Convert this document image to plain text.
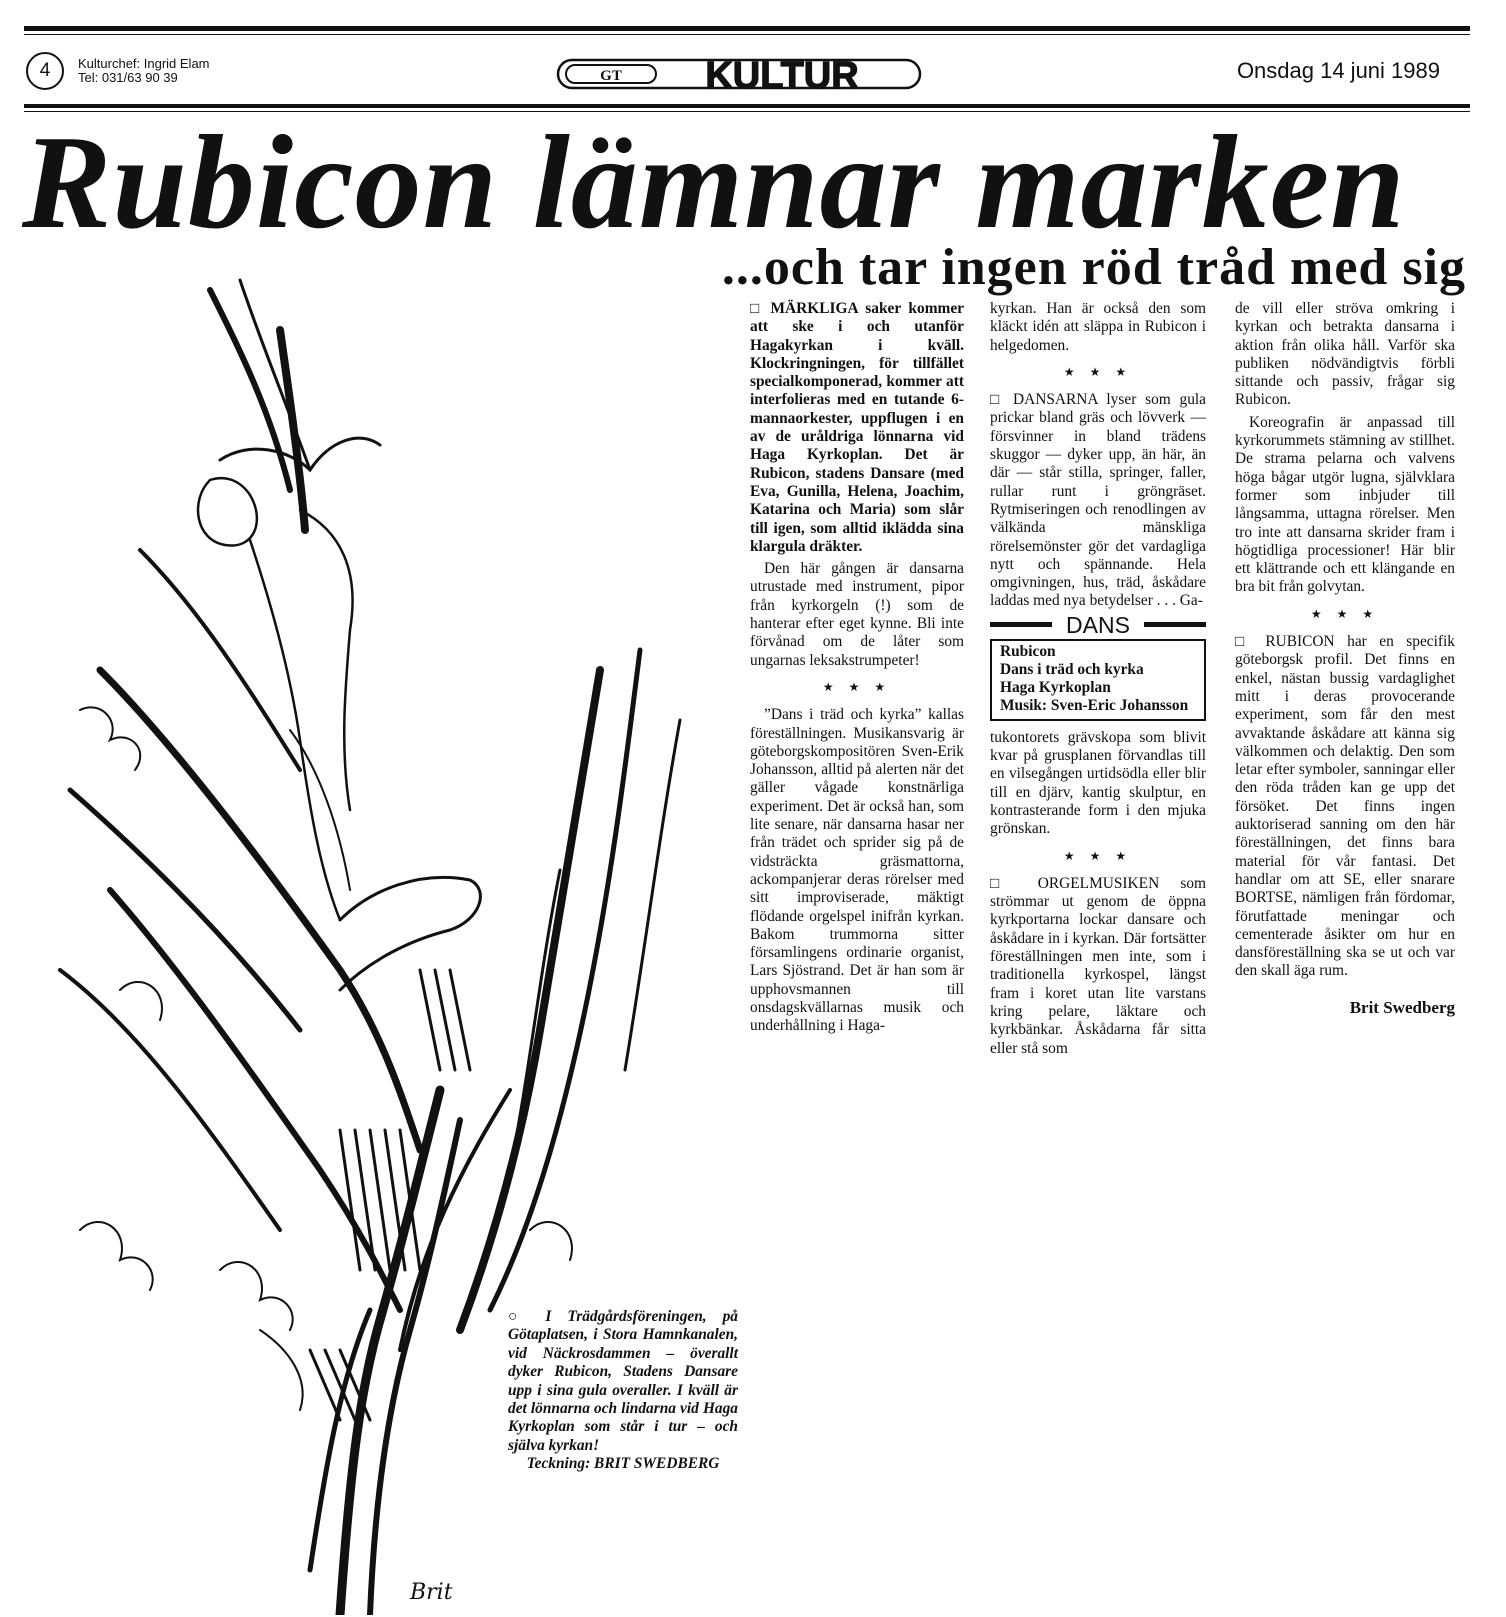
4	Kulturchef: Ingrid Elam
Tel: 031/63 90 39	GT KULTUR	Onsdag 14 juni 1989
Rubicon lämnar marken
...och tar ingen röd tråd med sig
Brit

□ MÄRKLIGA saker kommer att ske i och utanför Hagakyrkan i kväll. Klockringningen, för tillfället specialkomponerad, kommer att interfolieras med en tutande 6-mannaorkester, uppflugen i en av de uråldriga lönnarna vid Haga Kyrkoplan. Det är Rubicon, stadens Dansare (med Eva, Gunilla, Helena, Joachim, Katarina och Maria) som slår till igen, som alltid iklädda sina klargula dräkter.

Den här gången är dansarna utrustade med instrument, pipor från kyrkorgeln (!) som de hanterar efter eget kynne. Bli inte förvånad om de låter som ungarnas leksakstrumpeter!

★ ★ ★

”Dans i träd och kyrka” kallas föreställningen. Musikansvarig är göteborgskompositören Sven-Erik Johansson, alltid på alerten när det gäller vågade konstnärliga experiment. Det är också han, som lite senare, när dansarna hasar ner från trädet och sprider sig på de vidsträckta gräsmattorna, ackompanjerar deras rörelser med sitt improviserade, mäktigt flödande orgelspel inifrån kyrkan. Bakom trummorna sitter församlingens ordinarie organist, Lars Sjöstrand. Det är han som är upphovsmannen till onsdagskvällarnas musik och underhållning i Haga-

kyrkan. Han är också den som kläckt idén att släppa in Rubicon i helgedomen.

★ ★ ★

□ DANSARNA lyser som gula prickar bland gräs och lövverk — försvinner in bland trädens skuggor — dyker upp, än här, än där — står stilla, springer, faller, rullar runt i gröngräset. Rytmiseringen och renodlingen av välkända mänskliga rörelsemönster gör det vardagliga nytt och spännande. Hela omgivningen, hus, träd, åskådare laddas med nya betydelser . . . Ga-

DANS
Rubicon
Dans i träd och kyrka
Haga Kyrkoplan
Musik: Sven-Eric Johansson

tukontorets grävskopa som blivit kvar på grusplanen förvandlas till en vilsegången urtidsödla eller blir till en djärv, kantig skulptur, en kontrasterande form i den mjuka grönskan.

★ ★ ★

□ ORGELMUSIKEN som strömmar ut genom de öppna kyrkportarna lockar dansare och åskådare in i kyrkan. Där fortsätter föreställningen men inte, som i traditionella kyrkospel, längst fram i koret utan lite varstans kring pelare, läktare och kyrkbänkar. Åskådarna får sitta eller stå som

de vill eller ströva omkring i kyrkan och betrakta dansarna i aktion från olika håll. Varför ska publiken nödvändigtvis förbli sittande och passiv, frågar sig Rubicon.

Koreografin är anpassad till kyrkorummets stämning av stillhet. De strama pelarna och valvens höga bågar utgör lugna, självklara former som inbjuder till långsamma, uttagna rörelser. Men tro inte att dansarna skrider fram i högtidliga processioner! Här blir ett klättrande och ett klängande en bra bit från golvytan.

★ ★ ★

□ RUBICON har en specifik göteborgsk profil. Det finns en enkel, nästan bussig vardaglighet mitt i deras provocerande experiment, som får den mest avvaktande åskådare att känna sig välkommen och delaktig. Den som letar efter symboler, sanningar eller den röda tråden kan ge upp det försöket. Det finns ingen auktoriserad sanning om den här föreställningen, det finns bara material för vår fantasi. Det handlar om att SE, eller snarare BORTSE, nämligen från fördomar, förutfattade meningar och cementerade åsikter om hur en dansföreställning ska se ut och var den skall äga rum.

Brit Swedberg
○ I Trädgårdsföreningen, på Götaplatsen, i Stora Hamnkanalen, vid Näckrosdammen – överallt dyker Rubicon, Stadens Dansare upp i sina gula overaller. I kväll är det lönnarna och lindarna vid Haga Kyrkoplan som står i tur – och själva kyrkan!
Teckning: BRIT SWEDBERG
